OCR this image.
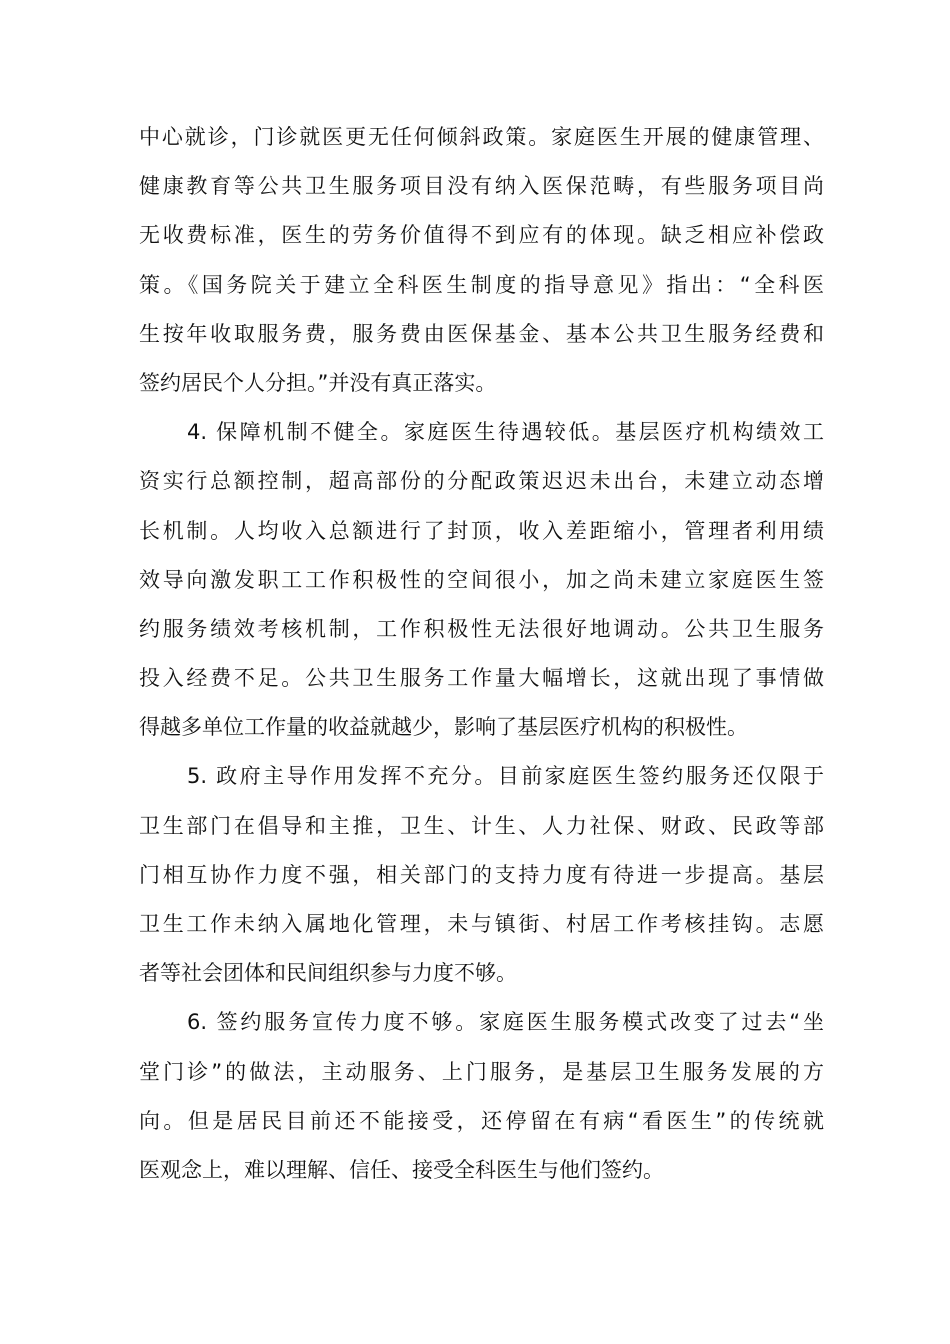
中心就诊，门诊就医更无任何倾斜政策。家庭医生开展的健康管理、
健康教育等公共卫生服务项目没有纳入医保范畴，有些服务项目尚
无收费标准，医生的劳务价值得不到应有的体现。缺乏相应补偿政
策。《国务院关于建立全科医生制度的指导意见》指出：“全科医
生按年收取服务费，服务费由医保基金、基本公共卫生服务经费和
签约居民个人分担。”并没有真正落实。
4. 保障机制不健全。家庭医生待遇较低。基层医疗机构绩效工
资实行总额控制，超高部份的分配政策迟迟未出台，未建立动态增
长机制。人均收入总额进行了封顶，收入差距缩小，管理者利用绩
效导向激发职工工作积极性的空间很小，加之尚未建立家庭医生签
约服务绩效考核机制，工作积极性无法很好地调动。公共卫生服务
投入经费不足。公共卫生服务工作量大幅增长，这就出现了事情做
得越多单位工作量的收益就越少，影响了基层医疗机构的积极性。
5. 政府主导作用发挥不充分。目前家庭医生签约服务还仅限于
卫生部门在倡导和主推，卫生、计生、人力社保、财政、民政等部
门相互协作力度不强，相关部门的支持力度有待进一步提高。基层
卫生工作未纳入属地化管理，未与镇街、村居工作考核挂钩。志愿
者等社会团体和民间组织参与力度不够。
6. 签约服务宣传力度不够。家庭医生服务模式改变了过去“坐
堂门诊”的做法，主动服务、上门服务，是基层卫生服务发展的方
向。但是居民目前还不能接受，还停留在有病“看医生”的传统就
医观念上，难以理解、信任、接受全科医生与他们签约。
